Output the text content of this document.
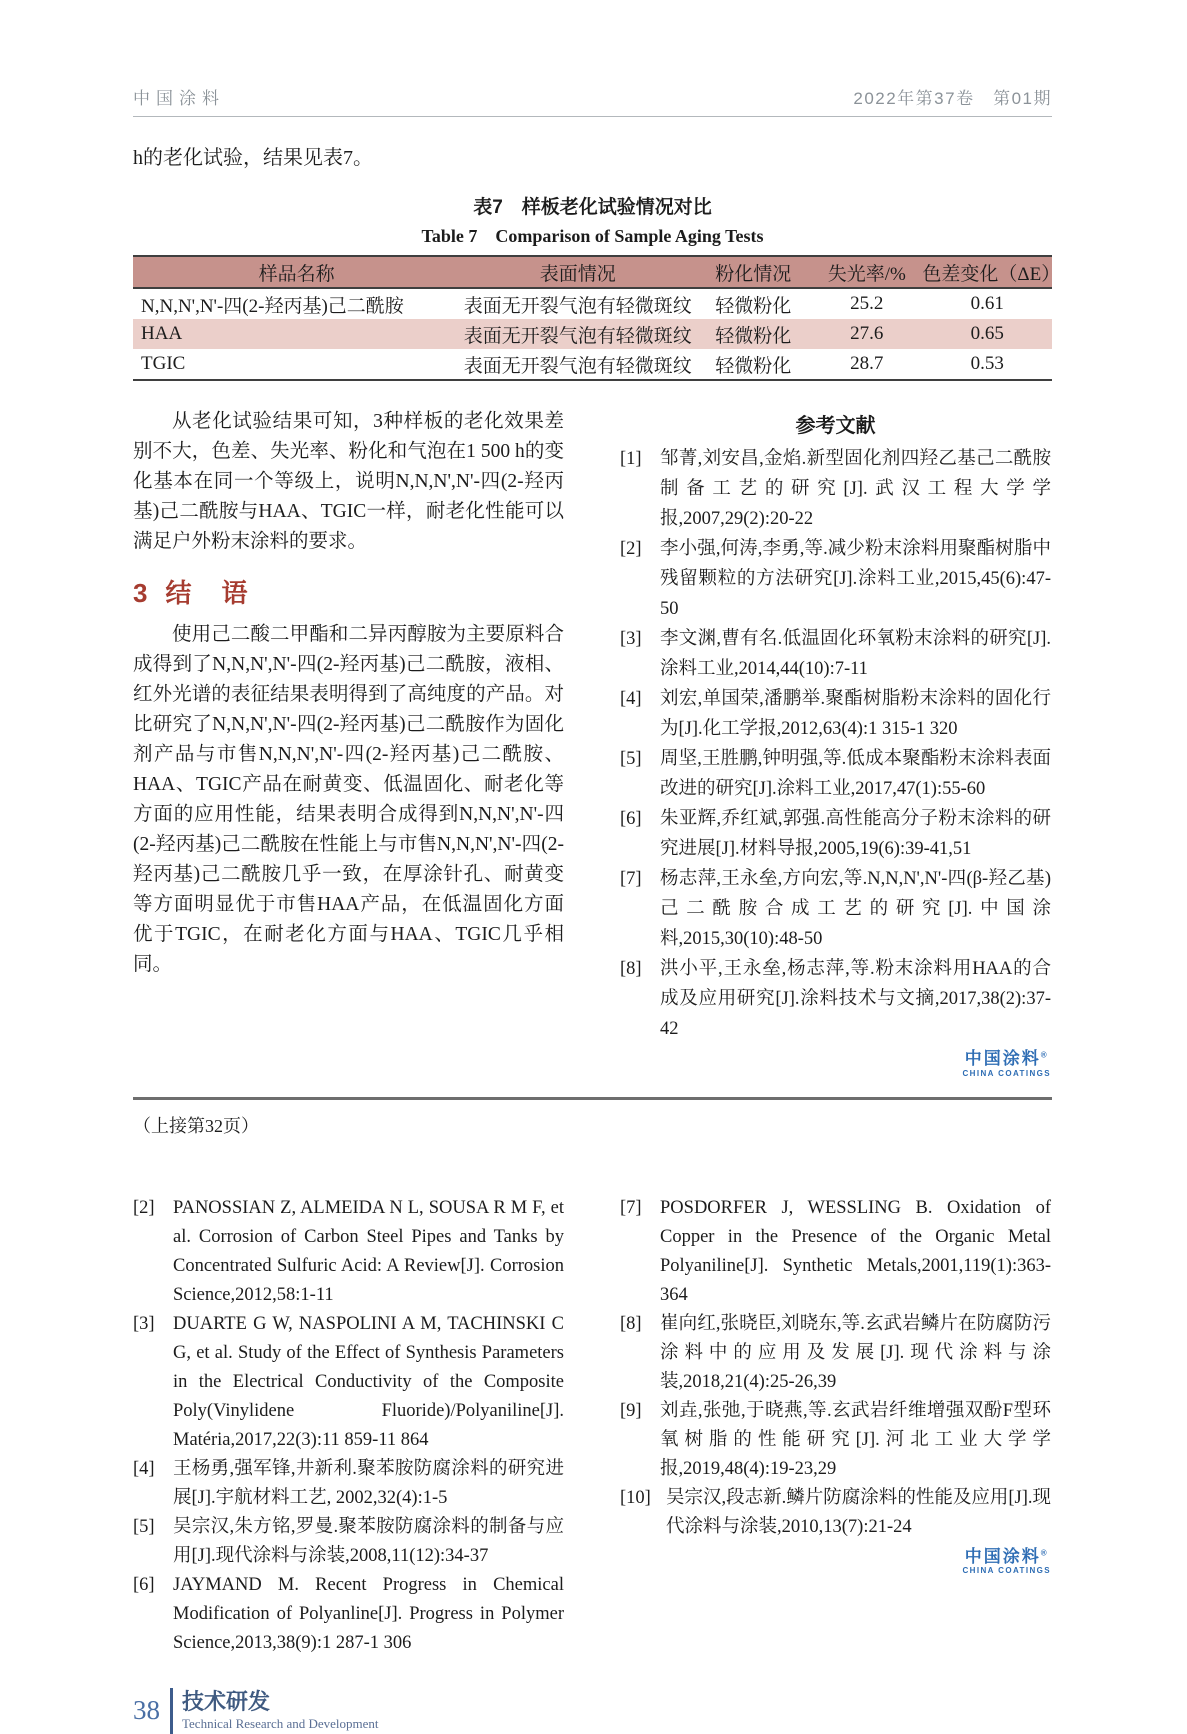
中国涂料	2022年第37卷　第01期
h的老化试验，结果见表7。
表7　样板老化试验情况对比
Table 7　Comparison of Sample Aging Tests
样品名称	表面情况	粉化情况	失光率/%	色差变化（ΔE）
N,N,N',N'-四(2-羟丙基)己二酰胺	表面无开裂气泡有轻微斑纹	轻微粉化	25.2	0.61
HAA	表面无开裂气泡有轻微斑纹	轻微粉化	27.6	0.65
TGIC	表面无开裂气泡有轻微斑纹	轻微粉化	28.7	0.53

从老化试验结果可知，3种样板的老化效果差别不大，色差、失光率、粉化和气泡在1 500 h的变化基本在同一个等级上，说明N,N,N',N'-四(2-羟丙基)己二酰胺与HAA、TGIC一样，耐老化性能可以满足户外粉末涂料的要求。

3 结　语

使用己二酸二甲酯和二异丙醇胺为主要原料合成得到了N,N,N',N'-四(2-羟丙基)己二酰胺，液相、红外光谱的表征结果表明得到了高纯度的产品。对比研究了N,N,N',N'-四(2-羟丙基)己二酰胺作为固化剂产品与市售N,N,N',N'-四(2-羟丙基)己二酰胺、HAA、TGIC产品在耐黄变、低温固化、耐老化等方面的应用性能，结果表明合成得到N,N,N',N'-四(2-羟丙基)己二酰胺在性能上与市售N,N,N',N'-四(2-羟丙基)己二酰胺几乎一致，在厚涂针孔、耐黄变等方面明显优于市售HAA产品，在低温固化方面优于TGIC，在耐老化方面与HAA、TGIC几乎相同。

参考文献
[1] 邹菁,刘安昌,金焰.新型固化剂四羟乙基己二酰胺制备工艺的研究[J].武汉工程大学学报,2007,29(2):20-22
[2] 李小强,何涛,李勇,等.减少粉末涂料用聚酯树脂中残留颗粒的方法研究[J].涂料工业,2015,45(6):47-50
[3] 李文渊,曹有名.低温固化环氧粉末涂料的研究[J].涂料工业,2014,44(10):7-11
[4] 刘宏,单国荣,潘鹏举.聚酯树脂粉末涂料的固化行为[J].化工学报,2012,63(4):1 315-1 320
[5] 周坚,王胜鹏,钟明强,等.低成本聚酯粉末涂料表面改进的研究[J].涂料工业,2017,47(1):55-60
[6] 朱亚辉,乔红斌,郭强.高性能高分子粉末涂料的研究进展[J].材料导报,2005,19(6):39-41,51
[7] 杨志萍,王永垒,方向宏,等.N,N,N',N'-四(β-羟乙基)己二酰胺合成工艺的研究[J].中国涂料,2015,30(10):48-50
[8] 洪小平,王永垒,杨志萍,等.粉末涂料用HAA的合成及应用研究[J].涂料技术与文摘,2017,38(2):37-42
中国涂料®
CHINA COATINGS
（上接第32页）
[2] PANOSSIAN Z, ALMEIDA N L, SOUSA R M F, et al. Corrosion of Carbon Steel Pipes and Tanks by Concentrated Sulfuric Acid: A Review[J]. Corrosion Science,2012,58:1-11
[3] DUARTE G W, NASPOLINI A M, TACHINSKI C G, et al. Study of the Effect of Synthesis Parameters in the Electrical Conductivity of the Composite Poly(Vinylidene Fluoride)/Polyaniline[J]. Matéria,2017,22(3):11 859-11 864
[4] 王杨勇,强军锋,井新利.聚苯胺防腐涂料的研究进展[J].宇航材料工艺, 2002,32(4):1-5
[5] 吴宗汉,朱方铭,罗曼.聚苯胺防腐涂料的制备与应用[J].现代涂料与涂装,2008,11(12):34-37
[6] JAYMAND M. Recent Progress in Chemical Modification of Polyanline[J]. Progress in Polymer Science,2013,38(9):1 287-1 306
[7] POSDORFER J, WESSLING B. Oxidation of Copper in the Presence of the Organic Metal Polyaniline[J]. Synthetic Metals,2001,119(1):363-364
[8] 崔向红,张晓臣,刘晓东,等.玄武岩鳞片在防腐防污涂料中的应用及发展[J].现代涂料与涂装,2018,21(4):25-26,39
[9] 刘垚,张弛,于晓燕,等.玄武岩纤维增强双酚F型环氧树脂的性能研究[J].河北工业大学学报,2019,48(4):19-23,29
[10] 吴宗汉,段志新.鳞片防腐涂料的性能及应用[J].现代涂料与涂装,2010,13(7):21-24
中国涂料®
CHINA COATINGS
38 技术研发
Technical Research and Development
